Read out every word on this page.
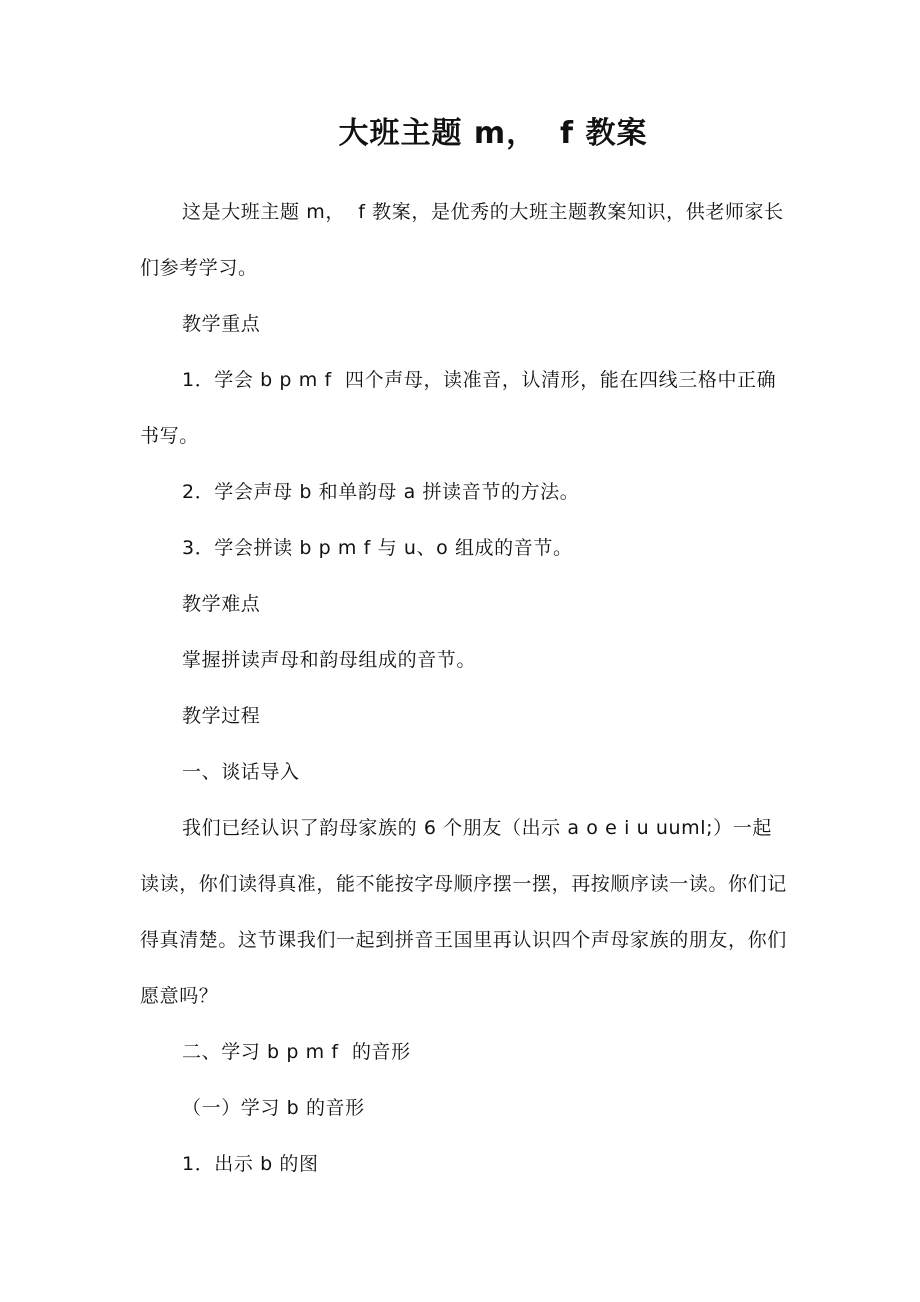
大班主题 m，  f 教案
这是大班主题 m，  f 教案，是优秀的大班主题教案知识，供老师家长们参考学习。
教学重点
1．学会 b p m f  四个声母，读准音，认清形，能在四线三格中正确书写。
2．学会声母 b 和单韵母 a 拼读音节的方法。
3．学会拼读 b p m f 与 u、o 组成的音节。
教学难点
掌握拼读声母和韵母组成的音节。
教学过程
一、谈话导入
我们已经认识了韵母家族的 6 个朋友（出示 a o e i u uuml;）一起读读，你们读得真准，能不能按字母顺序摆一摆，再按顺序读一读。你们记得真清楚。这节课我们一起到拼音王国里再认识四个声母家族的朋友，你们愿意吗？
二、学习 b p m f  的音形
（一）学习 b 的音形
1．出示 b 的图
